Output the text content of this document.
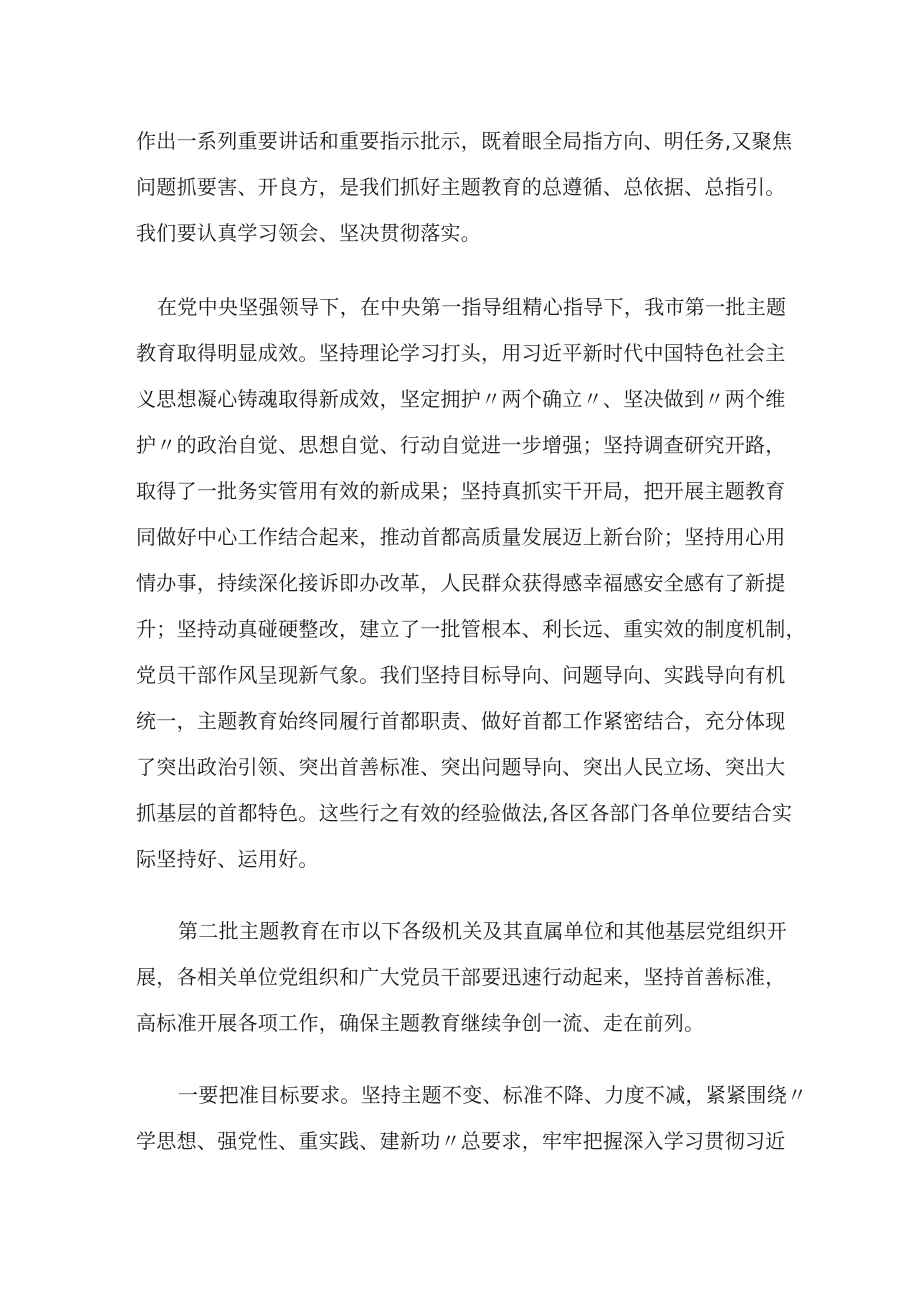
作出一系列重要讲话和重要指示批示，既着眼全局指方向、明任务,又聚焦
问题抓要害、开良方，是我们抓好主题教育的总遵循、总依据、总指引。
我们要认真学习领会、坚决贯彻落实。
在党中央坚强领导下，在中央第一指导组精心指导下，我市第一批主题
教育取得明显成效。坚持理论学习打头，用习近平新时代中国特色社会主
义思想凝心铸魂取得新成效，坚定拥护〃两个确立〃、坚决做到〃两个维
护〃的政治自觉、思想自觉、行动自觉进一步增强；坚持调查研究开路，
取得了一批务实管用有效的新成果；坚持真抓实干开局，把开展主题教育
同做好中心工作结合起来，推动首都高质量发展迈上新台阶；坚持用心用
情办事，持续深化接诉即办改革，人民群众获得感幸福感安全感有了新提
升；坚持动真碰硬整改，建立了一批管根本、利长远、重实效的制度机制，
党员干部作风呈现新气象。我们坚持目标导向、问题导向、实践导向有机
统一，主题教育始终同履行首都职责、做好首都工作紧密结合，充分体现
了突出政治引领、突出首善标准、突出问题导向、突出人民立场、突出大
抓基层的首都特色。这些行之有效的经验做法,各区各部门各单位要结合实
际坚持好、运用好。
第二批主题教育在市以下各级机关及其直属单位和其他基层党组织开
展，各相关单位党组织和广大党员干部要迅速行动起来，坚持首善标准，
高标准开展各项工作，确保主题教育继续争创一流、走在前列。
一要把准目标要求。坚持主题不变、标准不降、力度不减，紧紧围绕〃
学思想、强党性、重实践、建新功〃总要求，牢牢把握深入学习贯彻习近
